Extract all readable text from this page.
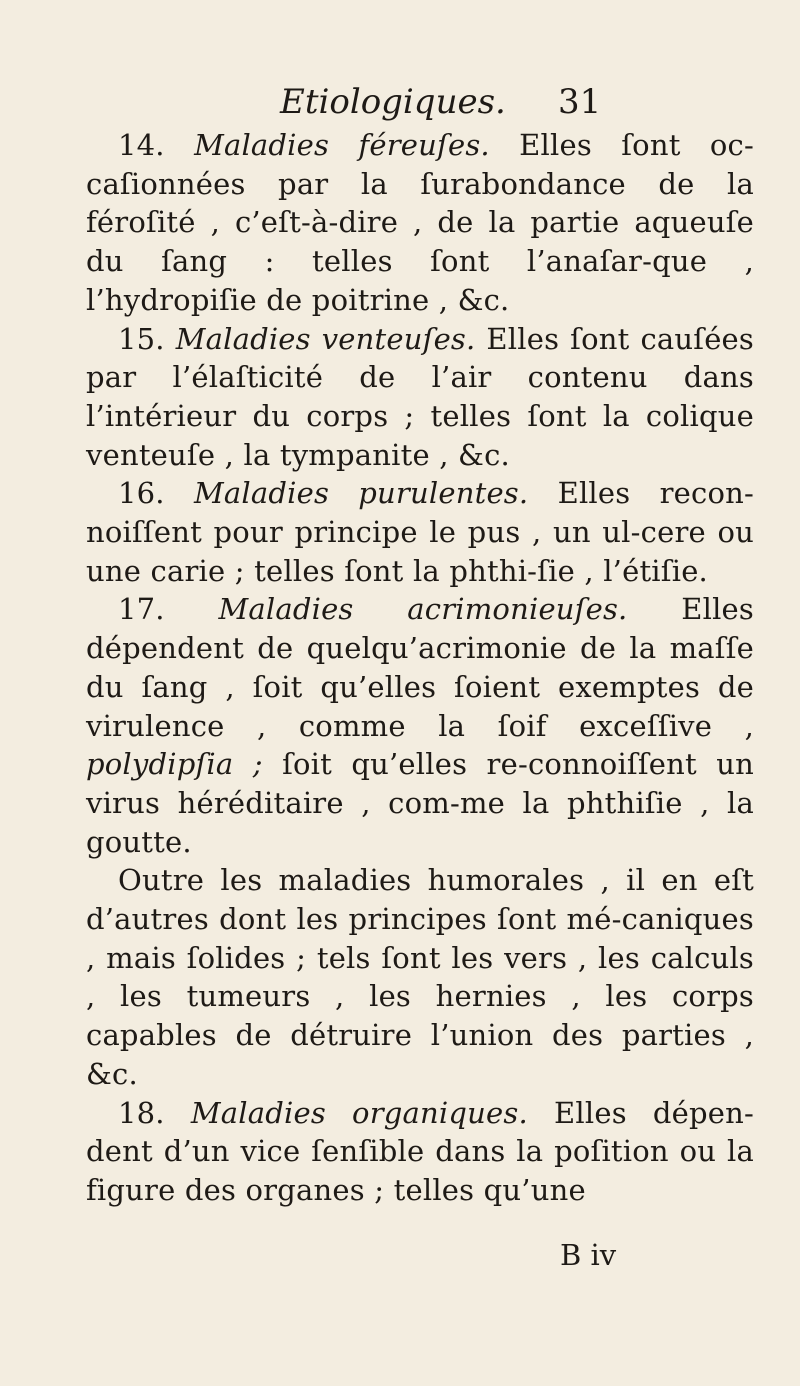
Etiologiques. 31

14. Maladies féreuſes. Elles ſont oc-caſionnées par la ſurabondance de la féroſité , c’eſt-à-dire , de la partie aqueuſe du ſang : telles ſont l’anaſar-que , l’hydropiſie de poitrine , &c.

15. Maladies venteuſes. Elles ſont cauſées par l’élaſticité de l’air contenu dans l’intérieur du corps ; telles ſont la colique venteuſe , la tympanite , &c.

16. Maladies purulentes. Elles recon-noiſſent pour principe le pus , un ul-cere ou une carie ; telles ſont la phthi-ſie , l’étiſie.

17. Maladies acrimonieuſes. Elles dépendent de quelqu’acrimonie de la maſſe du ſang , ſoit qu’elles ſoient exemptes de virulence , comme la ſoif exceſſive , polydipſia ; ſoit qu’elles re-connoiſſent un virus héréditaire , com-me la phthiſie , la goutte.

Outre les maladies humorales , il en eſt d’autres dont les principes ſont mé-caniques , mais ſolides ; tels ſont les vers , les calculs , les tumeurs , les hernies , les corps capables de détruire l’union des parties , &c.

18. Maladies organiques. Elles dépen-dent d’un vice ſenſible dans la poſition ou la figure des organes ; telles qu’une

B iv
